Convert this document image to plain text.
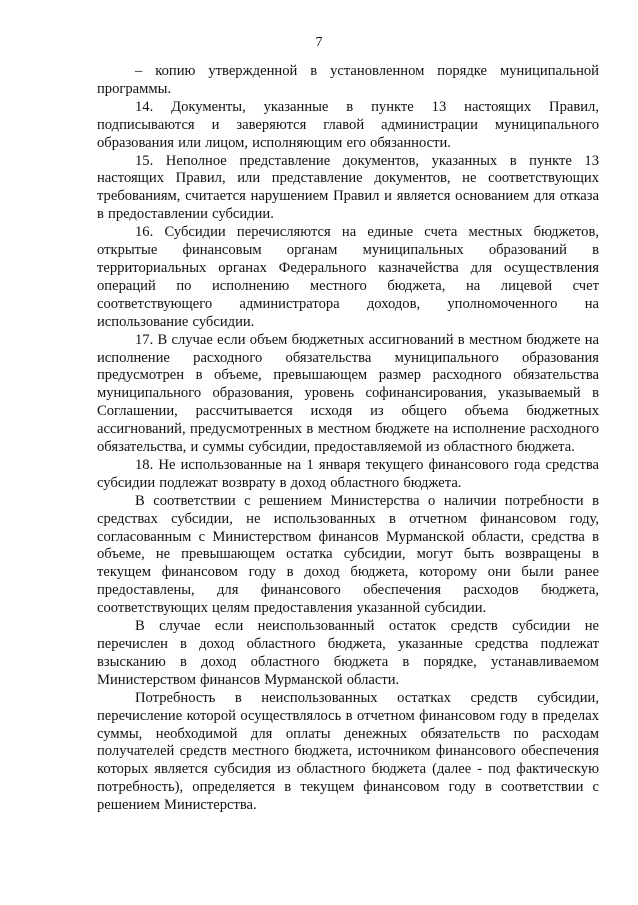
7

– копию утвержденной в установленном порядке муниципальной программы.

14. Документы, указанные в пункте 13 настоящих Правил, подписываются и заверяются главой администрации муниципального образования или лицом, исполняющим его обязанности.

15. Неполное представление документов, указанных в пункте 13 настоящих Правил, или представление документов, не соответствующих требованиям, считается нарушением Правил и является основанием для отказа в предоставлении субсидии.

16. Субсидии перечисляются на единые счета местных бюджетов, открытые финансовым органам муниципальных образований в территориальных органах Федерального казначейства для осуществления операций по исполнению местного бюджета, на лицевой счет соответствующего администратора доходов, уполномоченного на использование субсидии.

17. В случае если объем бюджетных ассигнований в местном бюджете на исполнение расходного обязательства муниципального образования предусмотрен в объеме, превышающем размер расходного обязательства муниципального образования, уровень софинансирования, указываемый в Соглашении, рассчитывается исходя из общего объема бюджетных ассигнований, предусмотренных в местном бюджете на исполнение расходного обязательства, и суммы субсидии, предоставляемой из областного бюджета.

18. Не использованные на 1 января текущего финансового года средства субсидии подлежат возврату в доход областного бюджета.

В соответствии с решением Министерства о наличии потребности в средствах субсидии, не использованных в отчетном финансовом году, согласованным с Министерством финансов Мурманской области, средства в объеме, не превышающем остатка субсидии, могут быть возвращены в текущем финансовом году в доход бюджета, которому они были ранее предоставлены, для финансового обеспечения расходов бюджета, соответствующих целям предоставления указанной субсидии.

В случае если неиспользованный остаток средств субсидии не перечислен в доход областного бюджета, указанные средства подлежат взысканию в доход областного бюджета в порядке, устанавливаемом Министерством финансов Мурманской области.

Потребность в неиспользованных остатках средств субсидии, перечисление которой осуществлялось в отчетном финансовом году в пределах суммы, необходимой для оплаты денежных обязательств по расходам получателей средств местного бюджета, источником финансового обеспечения которых является субсидия из областного бюджета (далее - под фактическую потребность), определяется в текущем финансовом году в соответствии с решением Министерства.
